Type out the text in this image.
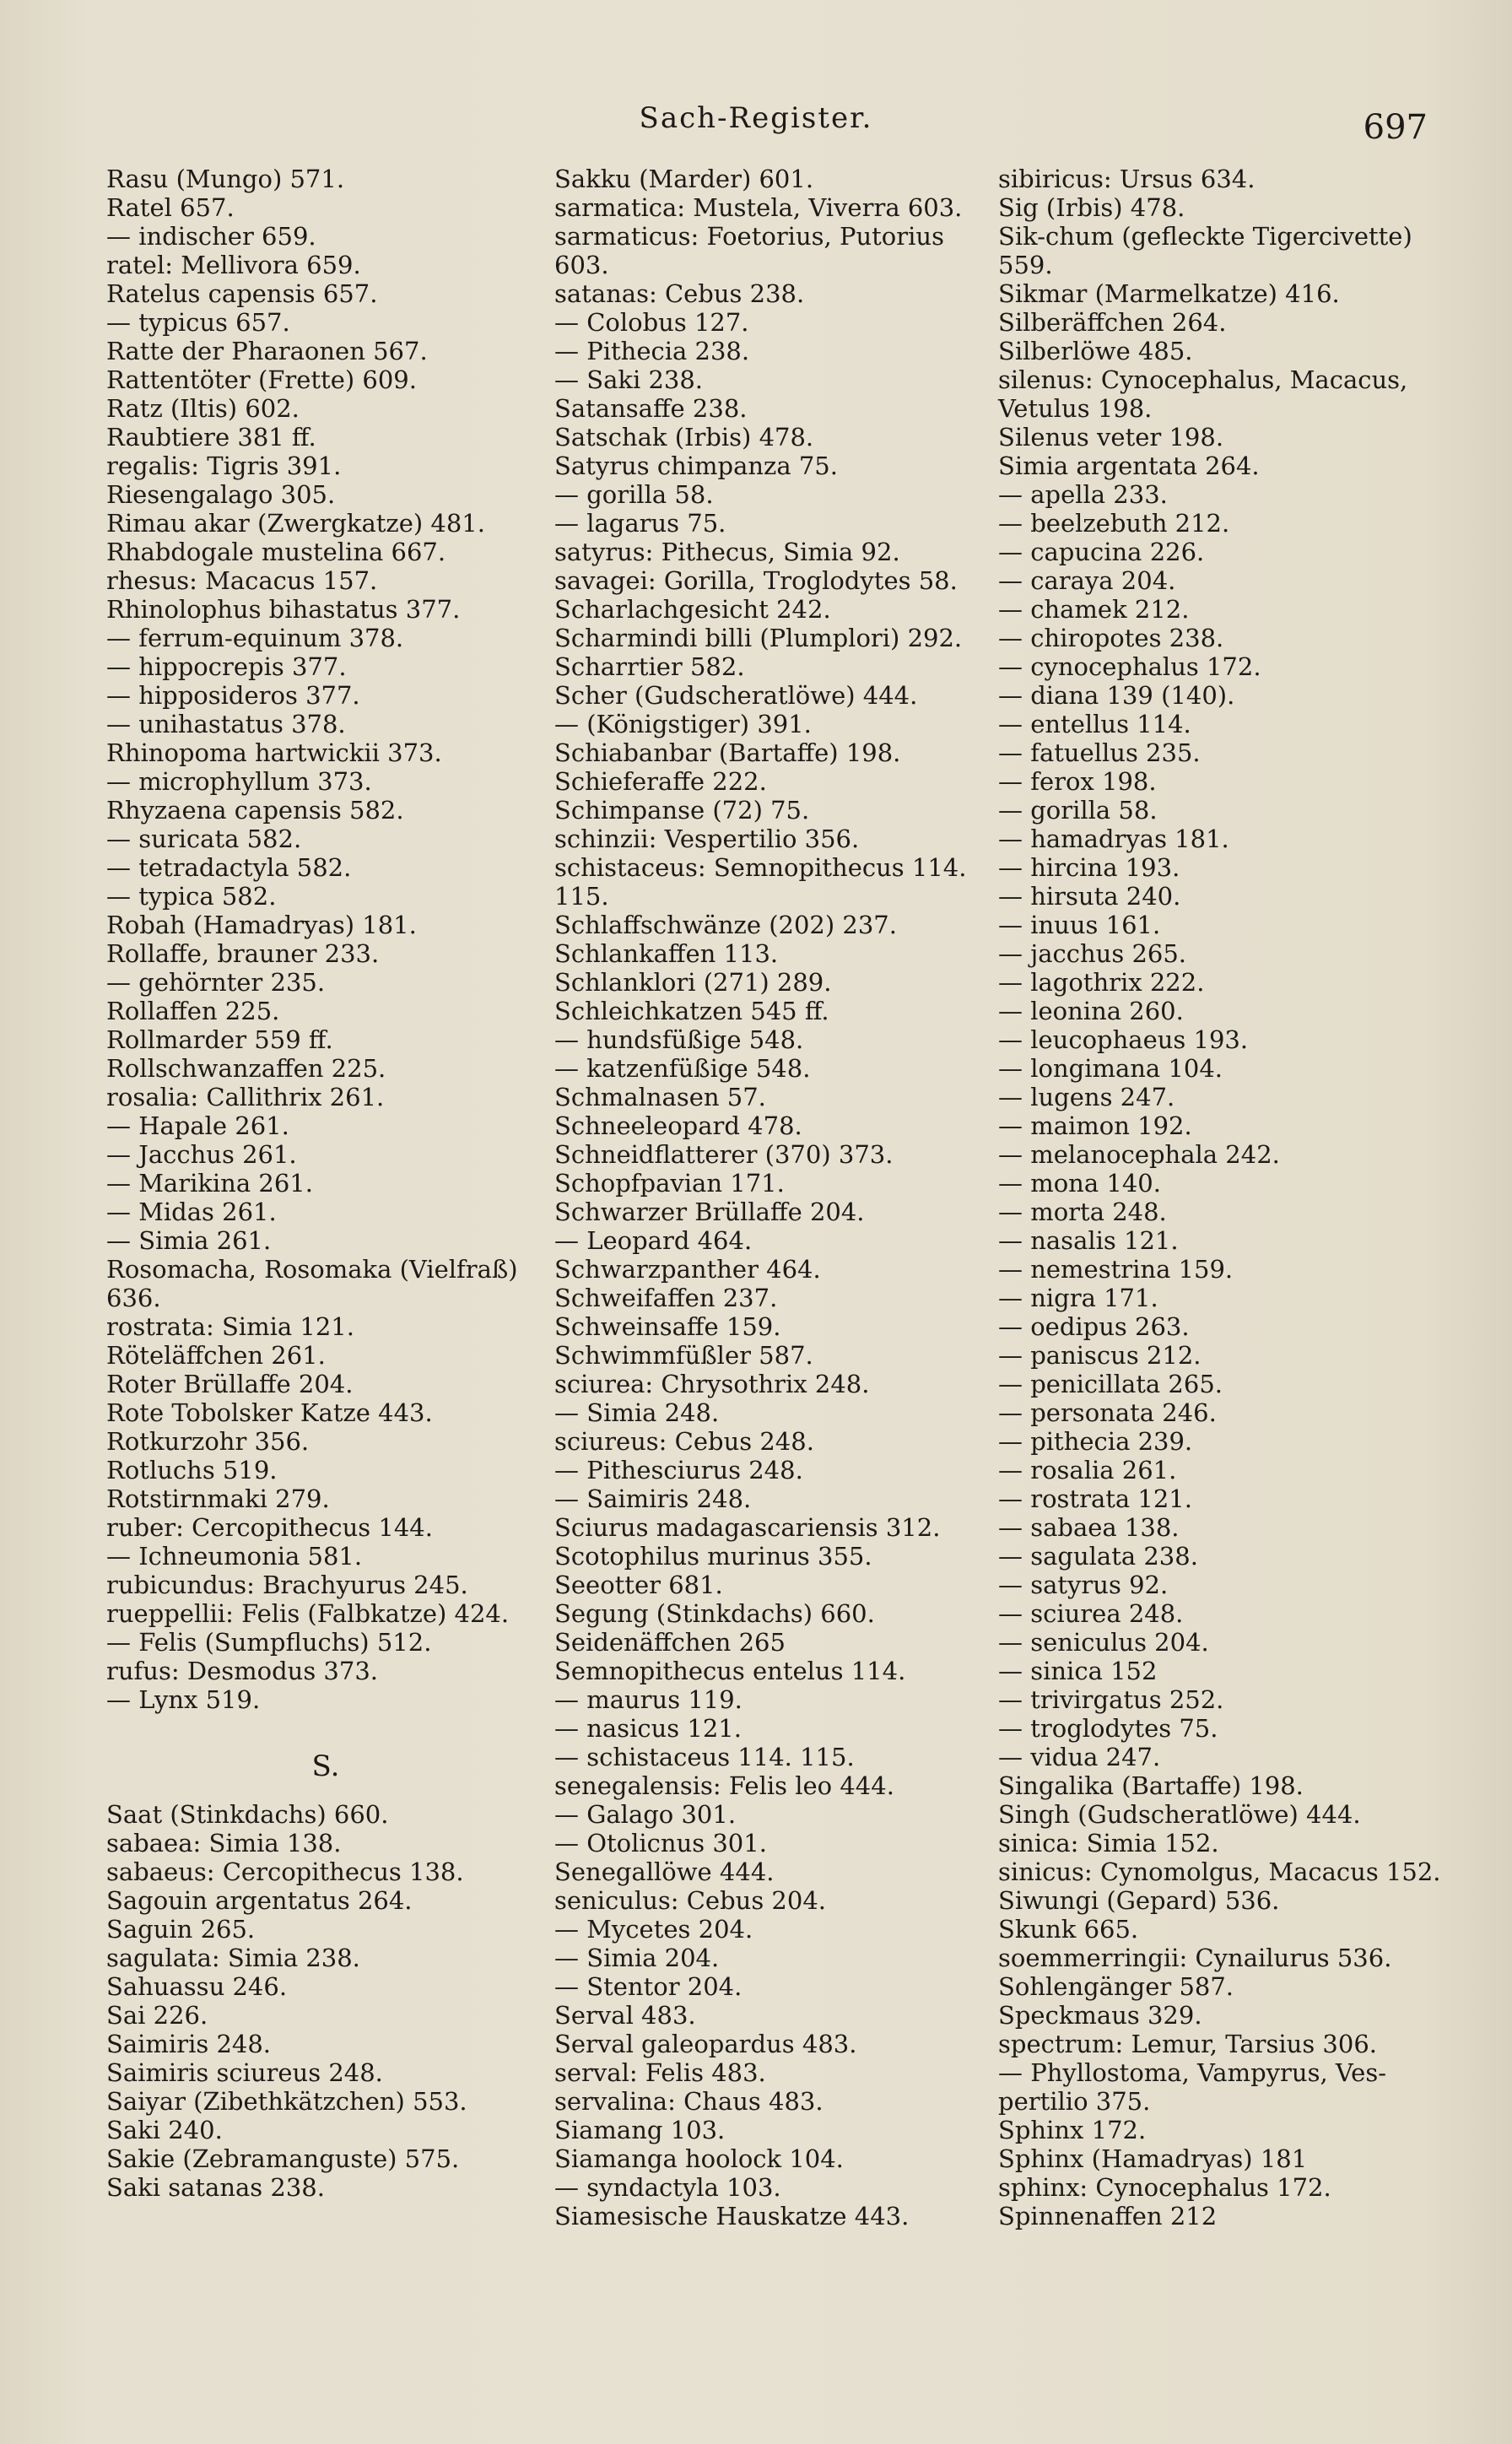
Sach-Register.	697
Rasu (Mungo) 571.
Ratel 657.
— indischer 659.
ratel: Mellivora 659.
Ratelus capensis 657.
— typicus 657.
Ratte der Pharaonen 567.
Rattentöter (Frette) 609.
Ratz (Iltis) 602.
Raubtiere 381 ff.
regalis: Tigris 391.
Riesengalago 305.
Rimau akar (Zwergkatze) 481.
Rhabdogale mustelina 667.
rhesus: Macacus 157.
Rhinolophus bihastatus 377.
— ferrum-equinum 378.
— hippocrepis 377.
— hipposideros 377.
— unihastatus 378.
Rhinopoma hartwickii 373.
— microphyllum 373.
Rhyzaena capensis 582.
— suricata 582.
— tetradactyla 582.
— typica 582.
Robah (Hamadryas) 181.
Rollaffe, brauner 233.
— gehörnter 235.
Rollaffen 225.
Rollmarder 559 ff.
Rollschwanzaffen 225.
rosalia: Callithrix 261.
— Hapale 261.
— Jacchus 261.
— Marikina 261.
— Midas 261.
— Simia 261.
Rosomacha, Rosomaka (Vielfraß)
636.
rostrata: Simia 121.
Röteläffchen 261.
Roter Brüllaffe 204.
Rote Tobolsker Katze 443.
Rotkurzohr 356.
Rotluchs 519.
Rotstirnmaki 279.
ruber: Cercopithecus 144.
— Ichneumonia 581.
rubicundus: Brachyurus 245.
rueppellii: Felis (Falbkatze) 424.
— Felis (Sumpfluchs) 512.
rufus: Desmodus 373.
— Lynx 519.
S.
Saat (Stinkdachs) 660.
sabaea: Simia 138.
sabaeus: Cercopithecus 138.
Sagouin argentatus 264.
Saguin 265.
sagulata: Simia 238.
Sahuassu 246.
Sai 226.
Saimiris 248.
Saimiris sciureus 248.
Saiyar (Zibethkätzchen) 553.
Saki 240.
Sakie (Zebramanguste) 575.
Saki satanas 238.
Sakku (Marder) 601.
sarmatica: Mustela, Viverra 603.
sarmaticus: Foetorius, Putorius
603.
satanas: Cebus 238.
— Colobus 127.
— Pithecia 238.
— Saki 238.
Satansaffe 238.
Satschak (Irbis) 478.
Satyrus chimpanza 75.
— gorilla 58.
— lagarus 75.
satyrus: Pithecus, Simia 92.
savagei: Gorilla, Troglodytes 58.
Scharlachgesicht 242.
Scharmindi billi (Plumplori) 292.
Scharrtier 582.
Scher (Gudscheratlöwe) 444.
— (Königstiger) 391.
Schiabanbar (Bartaffe) 198.
Schieferaffe 222.
Schimpanse (72) 75.
schinzii: Vespertilio 356.
schistaceus: Semnopithecus 114.
115.
Schlaffschwänze (202) 237.
Schlankaffen 113.
Schlanklori (271) 289.
Schleichkatzen 545 ff.
— hundsfüßige 548.
— katzenfüßige 548.
Schmalnasen 57.
Schneeleopard 478.
Schneidflatterer (370) 373.
Schopfpavian 171.
Schwarzer Brüllaffe 204.
— Leopard 464.
Schwarzpanther 464.
Schweifaffen 237.
Schweinsaffe 159.
Schwimmfüßler 587.
sciurea: Chrysothrix 248.
— Simia 248.
sciureus: Cebus 248.
— Pithesciurus 248.
— Saimiris 248.
Sciurus madagascariensis 312.
Scotophilus murinus 355.
Seeotter 681.
Segung (Stinkdachs) 660.
Seidenäffchen 265
Semnopithecus entelus 114.
— maurus 119.
— nasicus 121.
— schistaceus 114. 115.
senegalensis: Felis leo 444.
— Galago 301.
— Otolicnus 301.
Senegallöwe 444.
seniculus: Cebus 204.
— Mycetes 204.
— Simia 204.
— Stentor 204.
Serval 483.
Serval galeopardus 483.
serval: Felis 483.
servalina: Chaus 483.
Siamang 103.
Siamanga hoolock 104.
— syndactyla 103.
Siamesische Hauskatze 443.
sibiricus: Ursus 634.
Sig (Irbis) 478.
Sik-chum (gefleckte Tigercivette)
559.
Sikmar (Marmelkatze) 416.
Silberäffchen 264.
Silberlöwe 485.
silenus: Cynocephalus, Macacus,
Vetulus 198.
Silenus veter 198.
Simia argentata 264.
— apella 233.
— beelzebuth 212.
— capucina 226.
— caraya 204.
— chamek 212.
— chiropotes 238.
— cynocephalus 172.
— diana 139 (140).
— entellus 114.
— fatuellus 235.
— ferox 198.
— gorilla 58.
— hamadryas 181.
— hircina 193.
— hirsuta 240.
— inuus 161.
— jacchus 265.
— lagothrix 222.
— leonina 260.
— leucophaeus 193.
— longimana 104.
— lugens 247.
— maimon 192.
— melanocephala 242.
— mona 140.
— morta 248.
— nasalis 121.
— nemestrina 159.
— nigra 171.
— oedipus 263.
— paniscus 212.
— penicillata 265.
— personata 246.
— pithecia 239.
— rosalia 261.
— rostrata 121.
— sabaea 138.
— sagulata 238.
— satyrus 92.
— sciurea 248.
— seniculus 204.
— sinica 152
— trivirgatus 252.
— troglodytes 75.
— vidua 247.
Singalika (Bartaffe) 198.
Singh (Gudscheratlöwe) 444.
sinica: Simia 152.
sinicus: Cynomolgus, Macacus 152.
Siwungi (Gepard) 536.
Skunk 665.
soemmerringii: Cynailurus 536.
Sohlengänger 587.
Speckmaus 329.
spectrum: Lemur, Tarsius 306.
— Phyllostoma, Vampyrus, Ves-
pertilio 375.
Sphinx 172.
Sphinx (Hamadryas) 181
sphinx: Cynocephalus 172.
Spinnenaffen 212
